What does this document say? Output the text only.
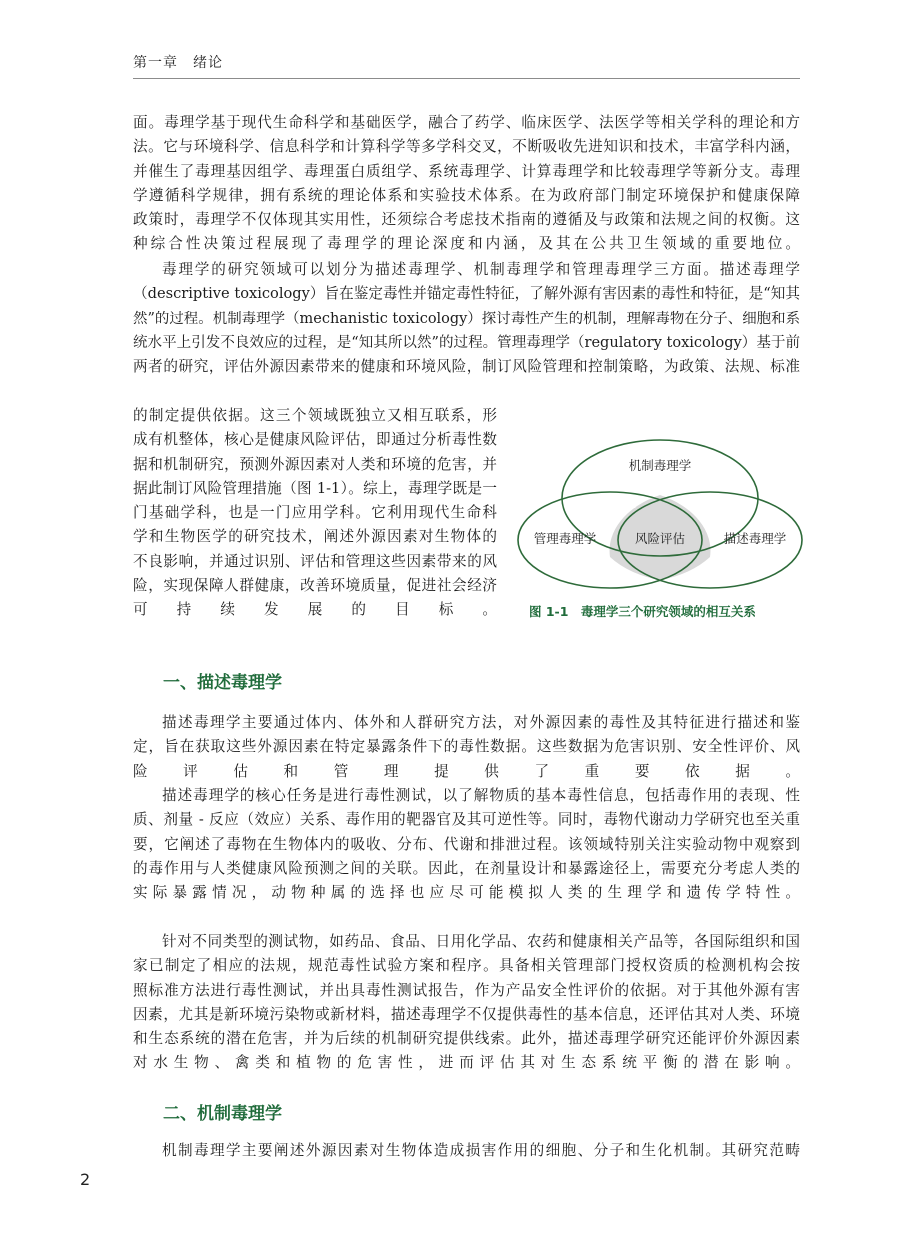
第一章　绪论

面。毒理学基于现代生命科学和基础医学，融合了药学、临床医学、法医学等相关学科的理论和方
法。它与环境科学、信息科学和计算科学等多学科交叉，不断吸收先进知识和技术，丰富学科内涵，
并催生了毒理基因组学、毒理蛋白质组学、系统毒理学、计算毒理学和比较毒理学等新分支。毒理
学遵循科学规律，拥有系统的理论体系和实验技术体系。在为政府部门制定环境保护和健康保障
政策时，毒理学不仅体现其实用性，还须综合考虑技术指南的遵循及与政策和法规之间的权衡。这
种综合性决策过程展现了毒理学的理论深度和内涵，及其在公共卫生领域的重要地位。

毒理学的研究领域可以划分为描述毒理学、机制毒理学和管理毒理学三方面。描述毒理学
（descriptive toxicology）旨在鉴定毒性并锚定毒性特征，了解外源有害因素的毒性和特征，是“知其
然”的过程。机制毒理学（mechanistic toxicology）探讨毒性产生的机制，理解毒物在分子、细胞和系
统水平上引发不良效应的过程，是“知其所以然”的过程。管理毒理学（regulatory toxicology）基于前
两者的研究，评估外源因素带来的健康和环境风险，制订风险管理和控制策略，为政策、法规、标准

的制定提供依据。这三个领域既独立又相互联系，形
成有机整体，核心是健康风险评估，即通过分析毒性数
据和机制研究，预测外源因素对人类和环境的危害，并
据此制订风险管理措施（图 1-1）。综上，毒理学既是一
门基础学科，也是一门应用学科。它利用现代生命科
学和生物医学的研究技术，阐述外源因素对生物体的
不良影响，并通过识别、评估和管理这些因素带来的风
险，实现保障人群健康，改善环境质量，促进社会经济
可持续发展的目标。

机制毒理学
管理毒理学	风险评估	描述毒理学
图 1-1　毒理学三个研究领域的相互关系
一、描述毒理学

描述毒理学主要通过体内、体外和人群研究方法，对外源因素的毒性及其特征进行描述和鉴
定，旨在获取这些外源因素在特定暴露条件下的毒性数据。这些数据为危害识别、安全性评价、风
险评估和管理提供了重要依据。

描述毒理学的核心任务是进行毒性测试，以了解物质的基本毒性信息，包括毒作用的表现、性
质、剂量 - 反应（效应）关系、毒作用的靶器官及其可逆性等。同时，毒物代谢动力学研究也至关重
要，它阐述了毒物在生物体内的吸收、分布、代谢和排泄过程。该领域特别关注实验动物中观察到
的毒作用与人类健康风险预测之间的关联。因此，在剂量设计和暴露途径上，需要充分考虑人类的
实际暴露情况，动物种属的选择也应尽可能模拟人类的生理学和遗传学特性。

针对不同类型的测试物，如药品、食品、日用化学品、农药和健康相关产品等，各国际组织和国
家已制定了相应的法规，规范毒性试验方案和程序。具备相关管理部门授权资质的检测机构会按
照标准方法进行毒性测试，并出具毒性测试报告，作为产品安全性评价的依据。对于其他外源有害
因素，尤其是新环境污染物或新材料，描述毒理学不仅提供毒性的基本信息，还评估其对人类、环境
和生态系统的潜在危害，并为后续的机制研究提供线索。此外，描述毒理学研究还能评价外源因素
对水生物、禽类和植物的危害性，进而评估其对生态系统平衡的潜在影响。

二、机制毒理学

机制毒理学主要阐述外源因素对生物体造成损害作用的细胞、分子和生化机制。其研究范畴

2
